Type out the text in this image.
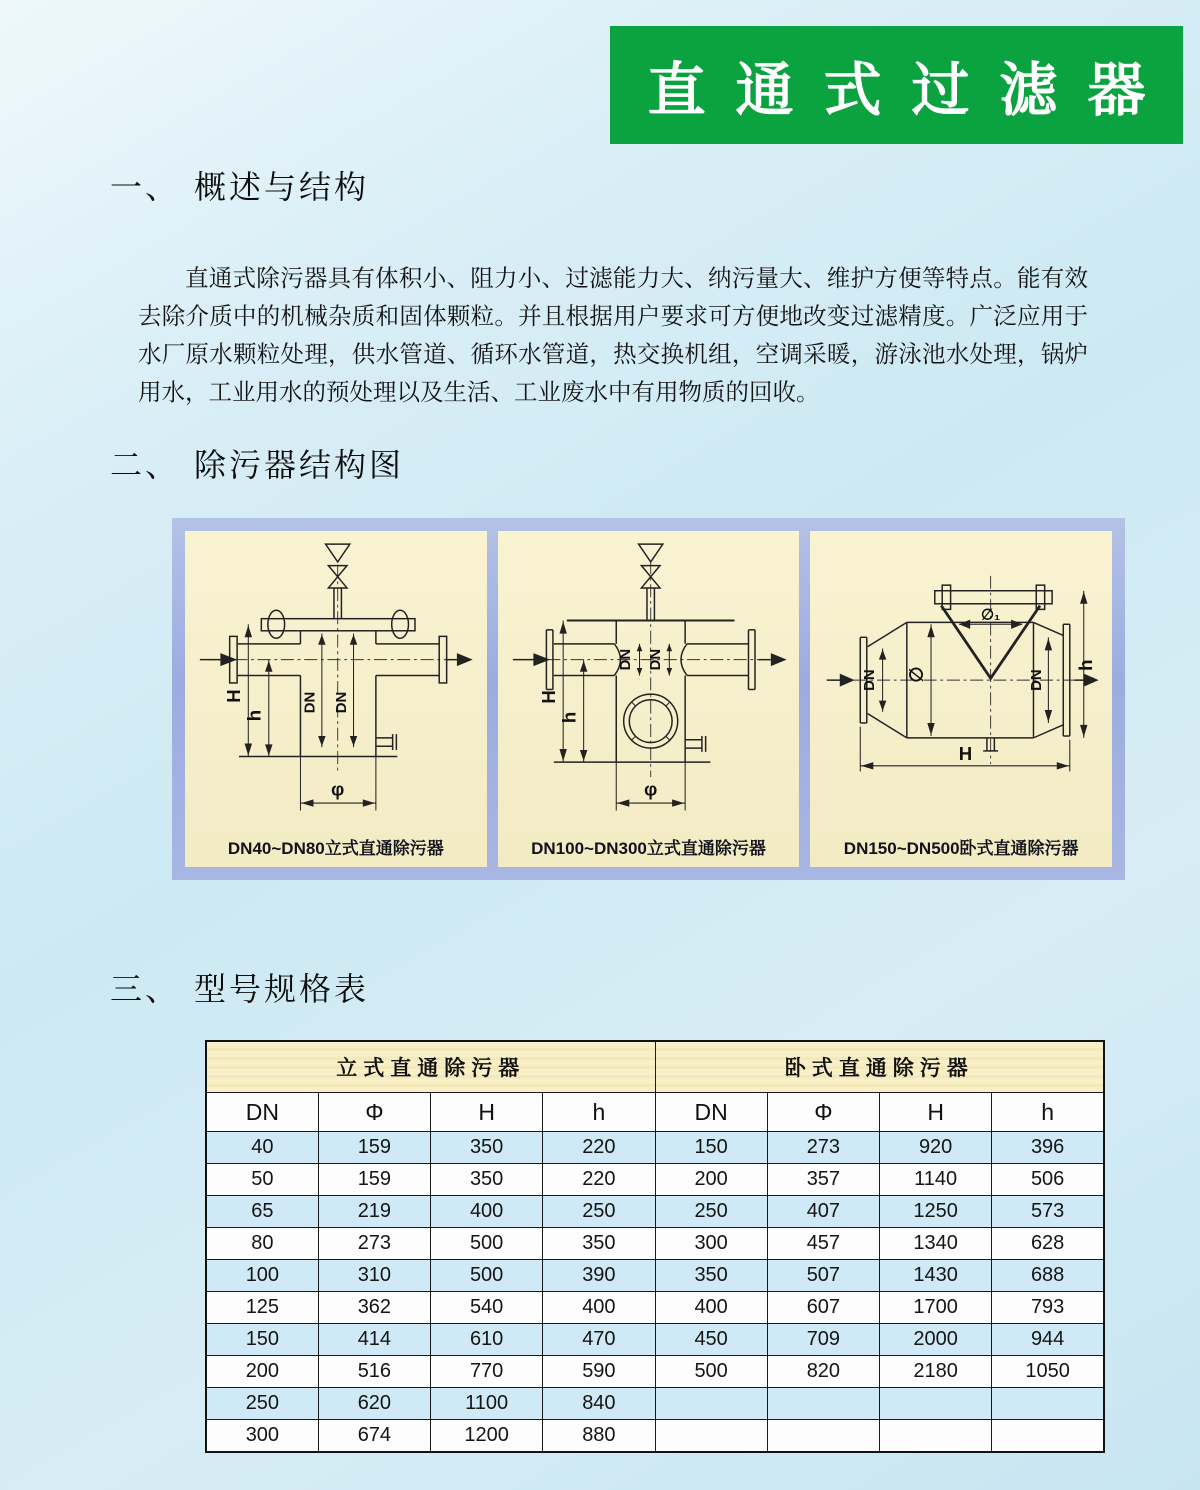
直通式过滤器
一、 概述与结构

直通式除污器具有体积小、阻力小、过滤能力大、纳污量大、维护方便等特点。能有效去除介质中的机械杂质和固体颗粒。并且根据用户要求可方便地改变过滤精度。广泛应用于水厂原水颗粒处理，供水管道、循环水管道，热交换机组，空调采暖，游泳池水处理，锅炉用水，工业用水的预处理以及生活、工业废水中有用物质的回收。

二、 除污器结构图
H
h
DN DN
φ
DN40~DN80立式直通除污器
H
h
DN DN
φ
DN100~DN300立式直通除污器
∅₁
DN	DN
∅
h
H
DN150~DN500卧式直通除污器
三、 型号规格表
立式直通除污器				卧式直通除污器			
DN	Φ	H	h	DN	Φ	H	h
40	159	350	220	150	273	920	396
50	159	350	220	200	357	1140	506
65	219	400	250	250	407	1250	573
80	273	500	350	300	457	1340	628
100	310	500	390	350	507	1430	688
125	362	540	400	400	607	1700	793
150	414	610	470	450	709	2000	944
200	516	770	590	500	820	2180	1050
250	620	1100	840				
300	674	1200	880				
